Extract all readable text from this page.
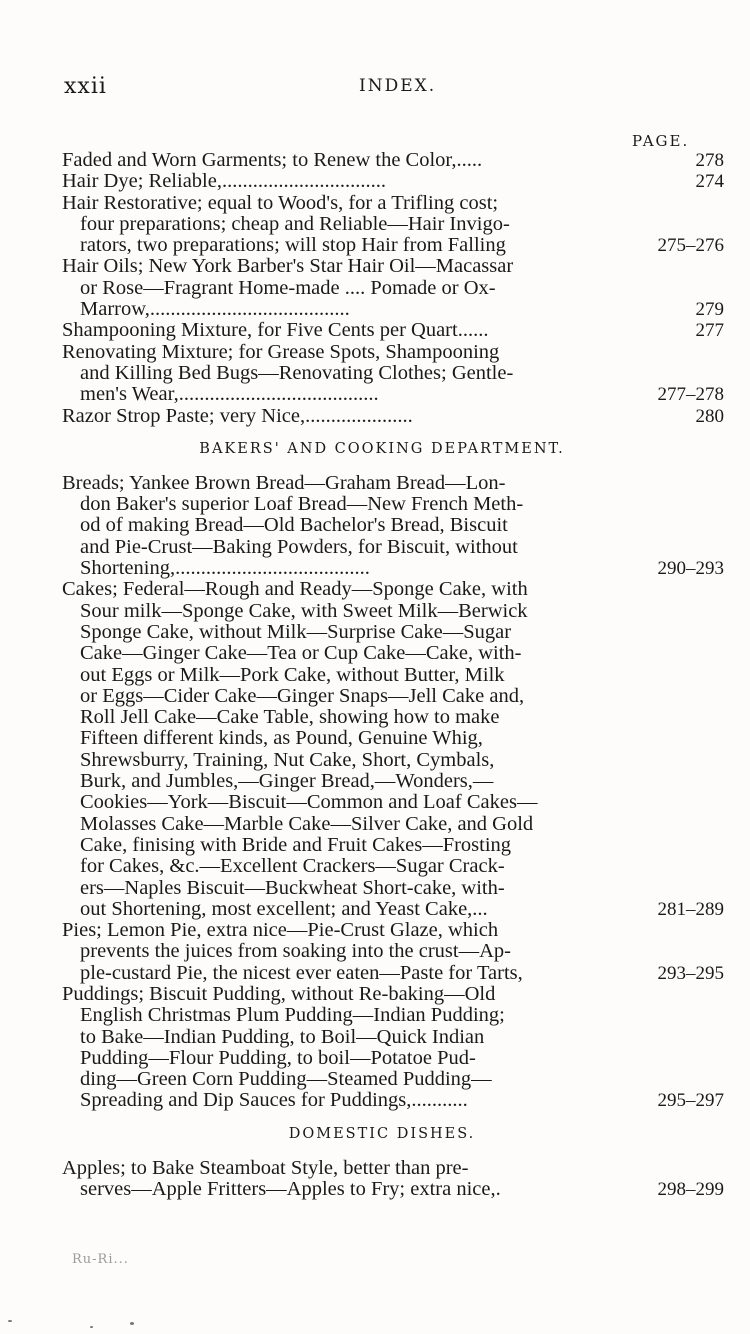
xxii	INDEX.
PAGE.
Faded and Worn Garments; to Renew the Color,.....	278
Hair Dye; Reliable,................................	274
Hair Restorative; equal to Wood's, for a Trifling cost;
four preparations; cheap and Reliable—Hair Invigo-
rators, two preparations; will stop Hair from Falling	275–276
Hair Oils; New York Barber's Star Hair Oil—Macassar
or Rose—Fragrant Home-made .... Pomade or Ox-
Marrow,.......................................	279
Shampooning Mixture, for Five Cents per Quart......	277
Renovating Mixture; for Grease Spots, Shampooning
and Killing Bed Bugs—Renovating Clothes; Gentle-
men's Wear,.......................................	277–278
Razor Strop Paste; very Nice,.....................	280
BAKERS' AND COOKING DEPARTMENT.
Breads; Yankee Brown Bread—Graham Bread—Lon-
don Baker's superior Loaf Bread—New French Meth-
od of making Bread—Old Bachelor's Bread, Biscuit
and Pie-Crust—Baking Powders, for Biscuit, without
Shortening,......................................	290–293
Cakes; Federal—Rough and Ready—Sponge Cake, with
Sour milk—Sponge Cake, with Sweet Milk—Berwick
Sponge Cake, without Milk—Surprise Cake—Sugar
Cake—Ginger Cake—Tea or Cup Cake—Cake, with-
out Eggs or Milk—Pork Cake, without Butter, Milk
or Eggs—Cider Cake—Ginger Snaps—Jell Cake and,
Roll Jell Cake—Cake Table, showing how to make
Fifteen different kinds, as Pound, Genuine Whig,
Shrewsburry, Training, Nut Cake, Short, Cymbals,
Burk, and Jumbles,—Ginger Bread,—Wonders,—
Cookies—York—Biscuit—Common and Loaf Cakes—
Molasses Cake—Marble Cake—Silver Cake, and Gold
Cake, finising with Bride and Fruit Cakes—Frosting
for Cakes, &c.—Excellent Crackers—Sugar Crack-
ers—Naples Biscuit—Buckwheat Short-cake, with-
out Shortening, most excellent; and Yeast Cake,...	281–289
Pies; Lemon Pie, extra nice—Pie-Crust Glaze, which
prevents the juices from soaking into the crust—Ap-
ple-custard Pie, the nicest ever eaten—Paste for Tarts,	293–295
Puddings; Biscuit Pudding, without Re-baking—Old
English Christmas Plum Pudding—Indian Pudding;
to Bake—Indian Pudding, to Boil—Quick Indian
Pudding—Flour Pudding, to boil—Potatoe Pud-
ding—Green Corn Pudding—Steamed Pudding—
Spreading and Dip Sauces for Puddings,...........	295–297
DOMESTIC DISHES.
Apples; to Bake Steamboat Style, better than pre-
serves—Apple Fritters—Apples to Fry; extra nice,.	298–299
Ru-Ri...
